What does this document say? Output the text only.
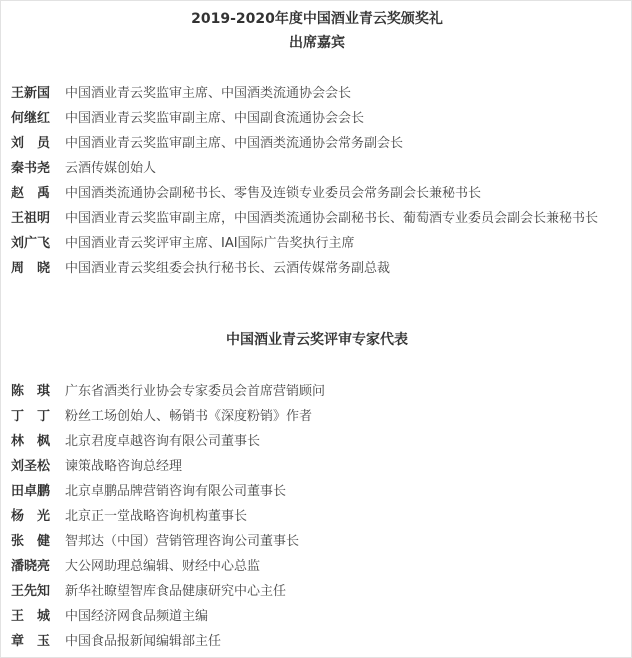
2019-2020年度中国酒业青云奖颁奖礼
出席嘉宾
王新国 中国酒业青云奖监审主席、中国酒类流通协会会长
何继红 中国酒业青云奖监审副主席、中国副食流通协会会长
刘　员 中国酒业青云奖监审副主席、中国酒类流通协会常务副会长
秦书尧 云酒传媒创始人
赵　禹 中国酒类流通协会副秘书长、零售及连锁专业委员会常务副会长兼秘书长
王祖明 中国酒业青云奖监审副主席，中国酒类流通协会副秘书长、葡萄酒专业委员会副会长兼秘书长
刘广飞 中国酒业青云奖评审主席、IAI国际广告奖执行主席
周　晓 中国酒业青云奖组委会执行秘书长、云酒传媒常务副总裁
中国酒业青云奖评审专家代表
陈　琪 广东省酒类行业协会专家委员会首席营销顾问
丁　丁 粉丝工场创始人、畅销书《深度粉销》作者
林　枫 北京君度卓越咨询有限公司董事长
刘圣松 谏策战略咨询总经理
田卓鹏 北京卓鹏品牌营销咨询有限公司董事长
杨　光 北京正一堂战略咨询机构董事长
张　健 智邦达（中国）营销管理咨询公司董事长
潘晓亮 大公网助理总编辑、财经中心总监
王先知 新华社瞭望智库食品健康研究中心主任
王　城 中国经济网食品频道主编
章　玉 中国食品报新闻编辑部主任
